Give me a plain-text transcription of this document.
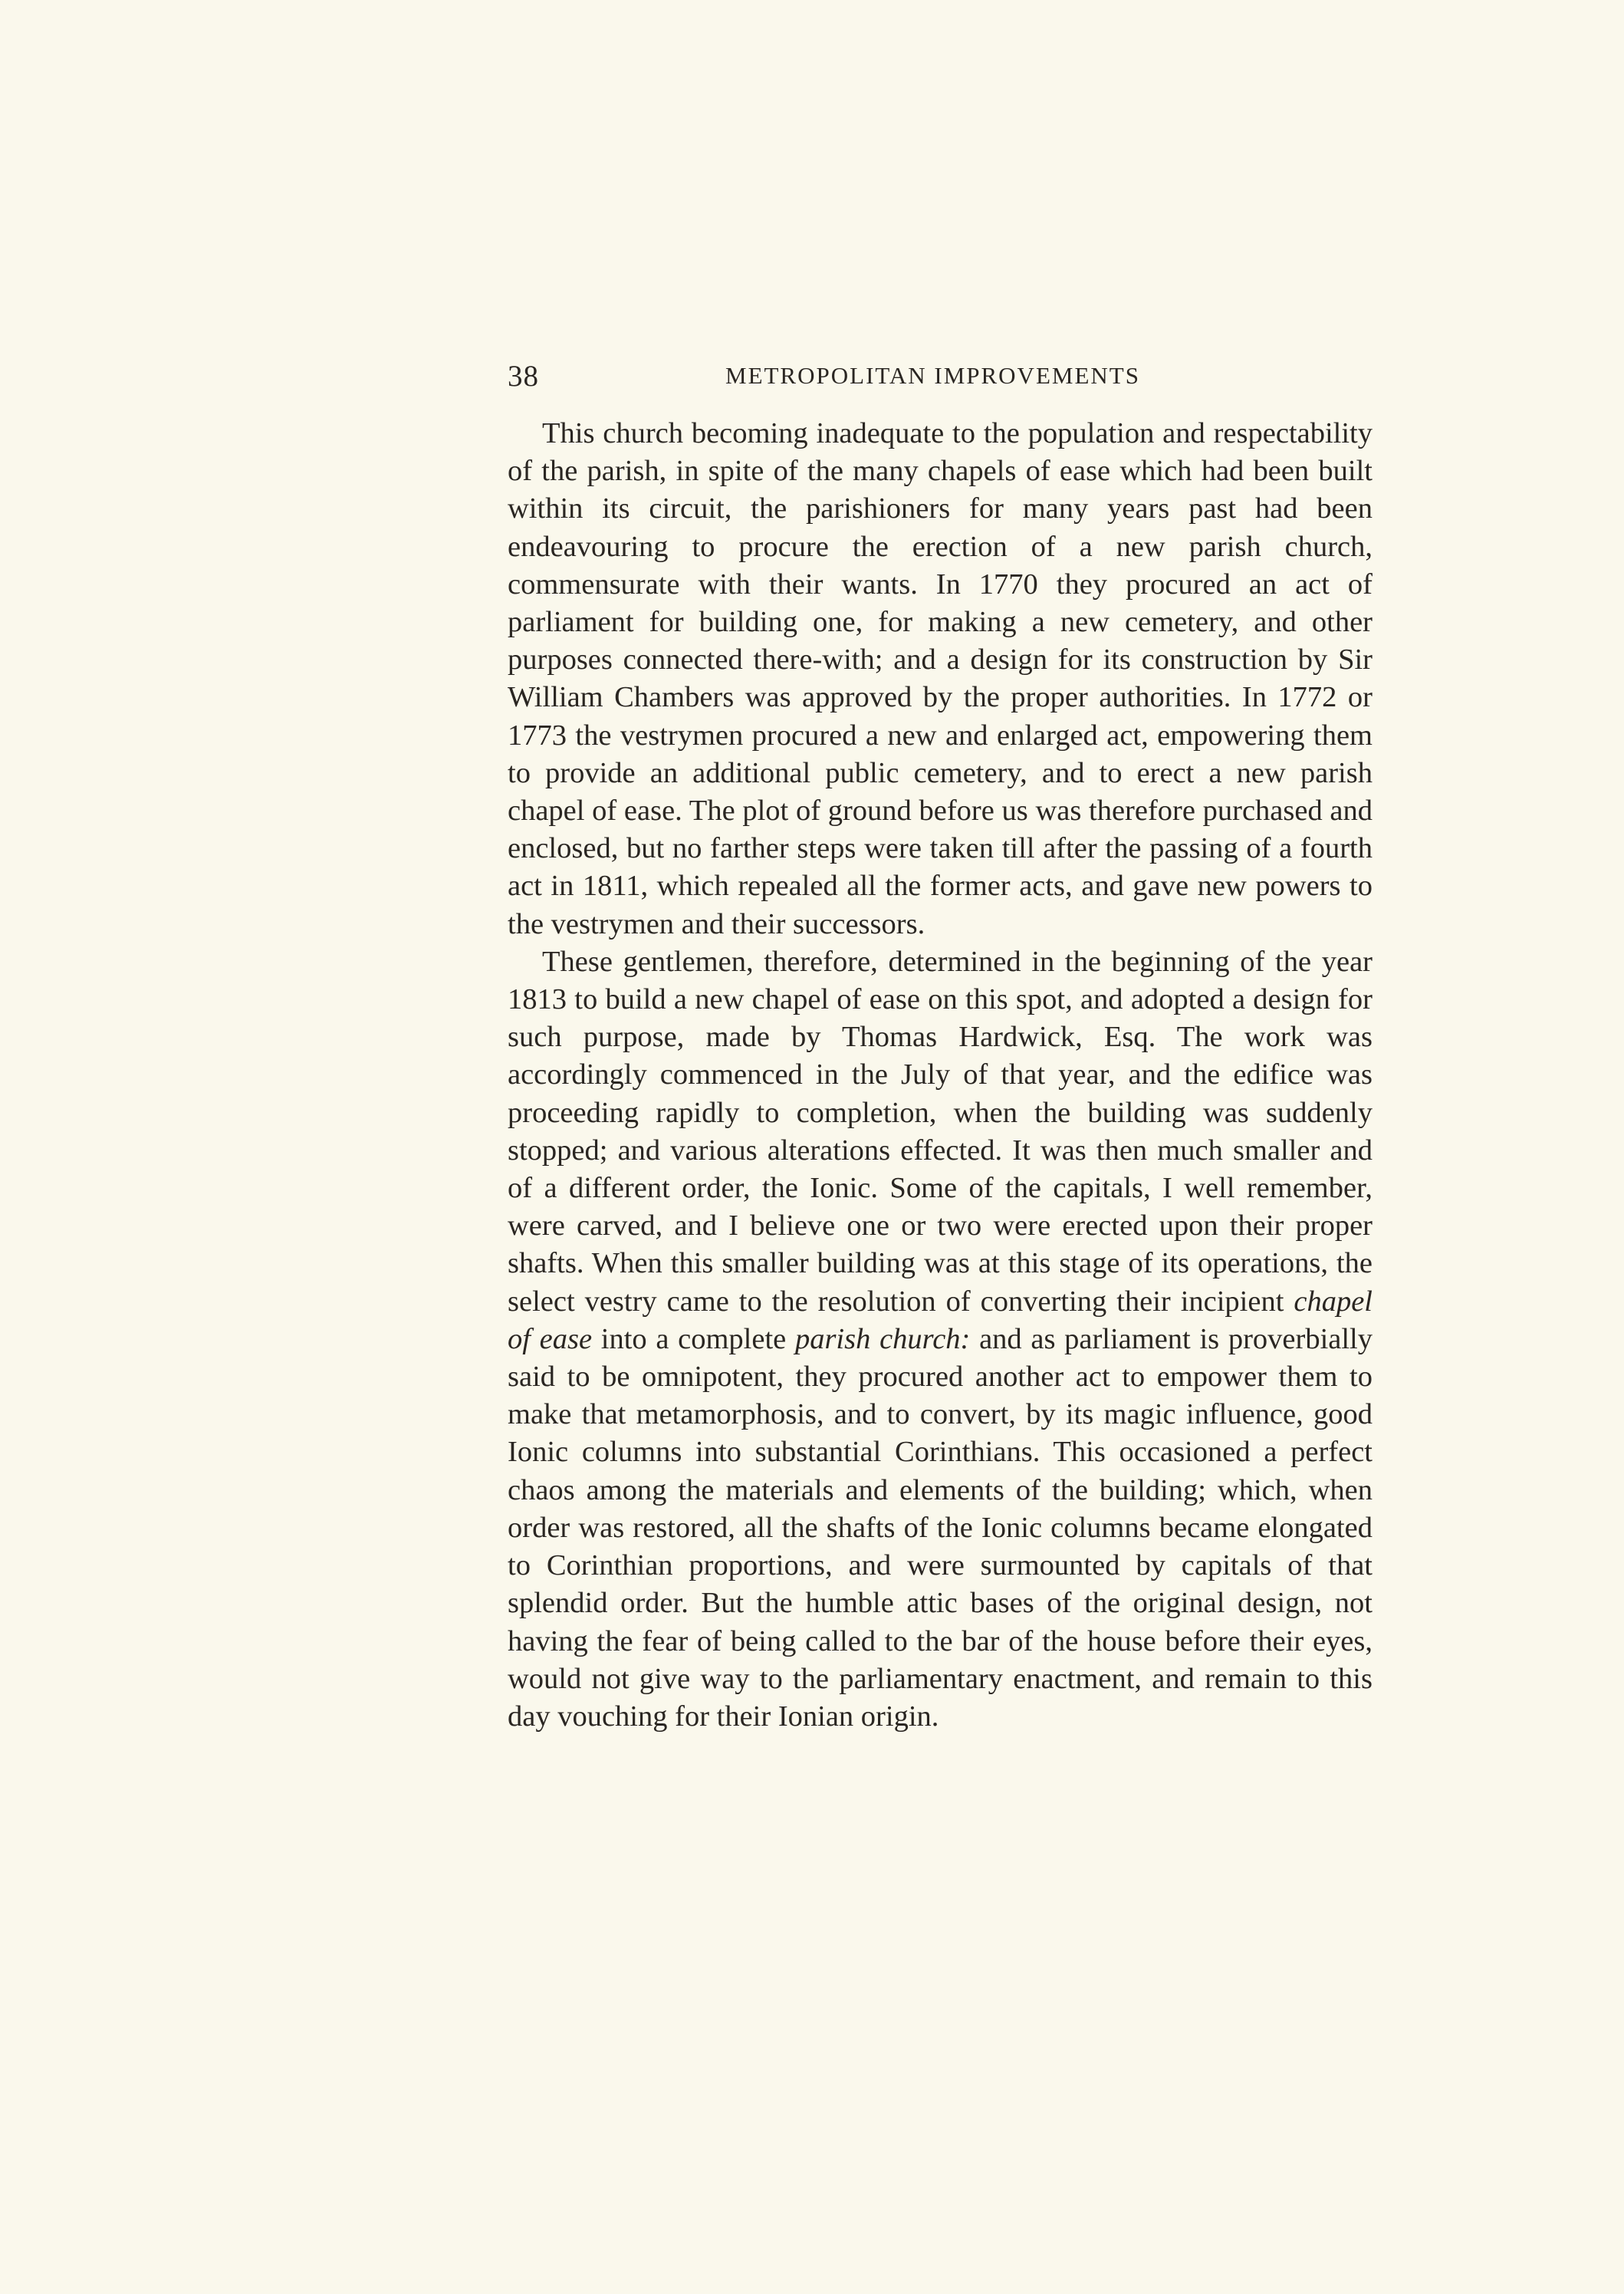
38	METROPOLITAN IMPROVEMENTS

This church becoming inadequate to the population and respectability of the parish, in spite of the many chapels of ease which had been built within its circuit, the parishioners for many years past had been endeavouring to procure the erection of a new parish church, commensurate with their wants. In 1770 they procured an act of parliament for building one, for making a new cemetery, and other purposes connected there-with; and a design for its construction by Sir William Chambers was approved by the proper authorities. In 1772 or 1773 the vestrymen procured a new and enlarged act, empowering them to provide an additional public cemetery, and to erect a new parish chapel of ease. The plot of ground before us was therefore purchased and enclosed, but no farther steps were taken till after the passing of a fourth act in 1811, which repealed all the former acts, and gave new powers to the vestrymen and their successors.

These gentlemen, therefore, determined in the beginning of the year 1813 to build a new chapel of ease on this spot, and adopted a design for such purpose, made by Thomas Hardwick, Esq. The work was accordingly commenced in the July of that year, and the edifice was proceeding rapidly to completion, when the building was suddenly stopped; and various alterations effected. It was then much smaller and of a different order, the Ionic. Some of the capitals, I well remember, were carved, and I believe one or two were erected upon their proper shafts. When this smaller building was at this stage of its operations, the select vestry came to the resolution of converting their incipient chapel of ease into a complete parish church: and as parliament is proverbially said to be omnipotent, they procured another act to empower them to make that metamorphosis, and to convert, by its magic influence, good Ionic columns into substantial Corinthians. This occasioned a perfect chaos among the materials and elements of the building; which, when order was restored, all the shafts of the Ionic columns became elongated to Corinthian proportions, and were surmounted by capitals of that splendid order. But the humble attic bases of the original design, not having the fear of being called to the bar of the house before their eyes, would not give way to the parliamentary enactment, and remain to this day vouching for their Ionian origin.
